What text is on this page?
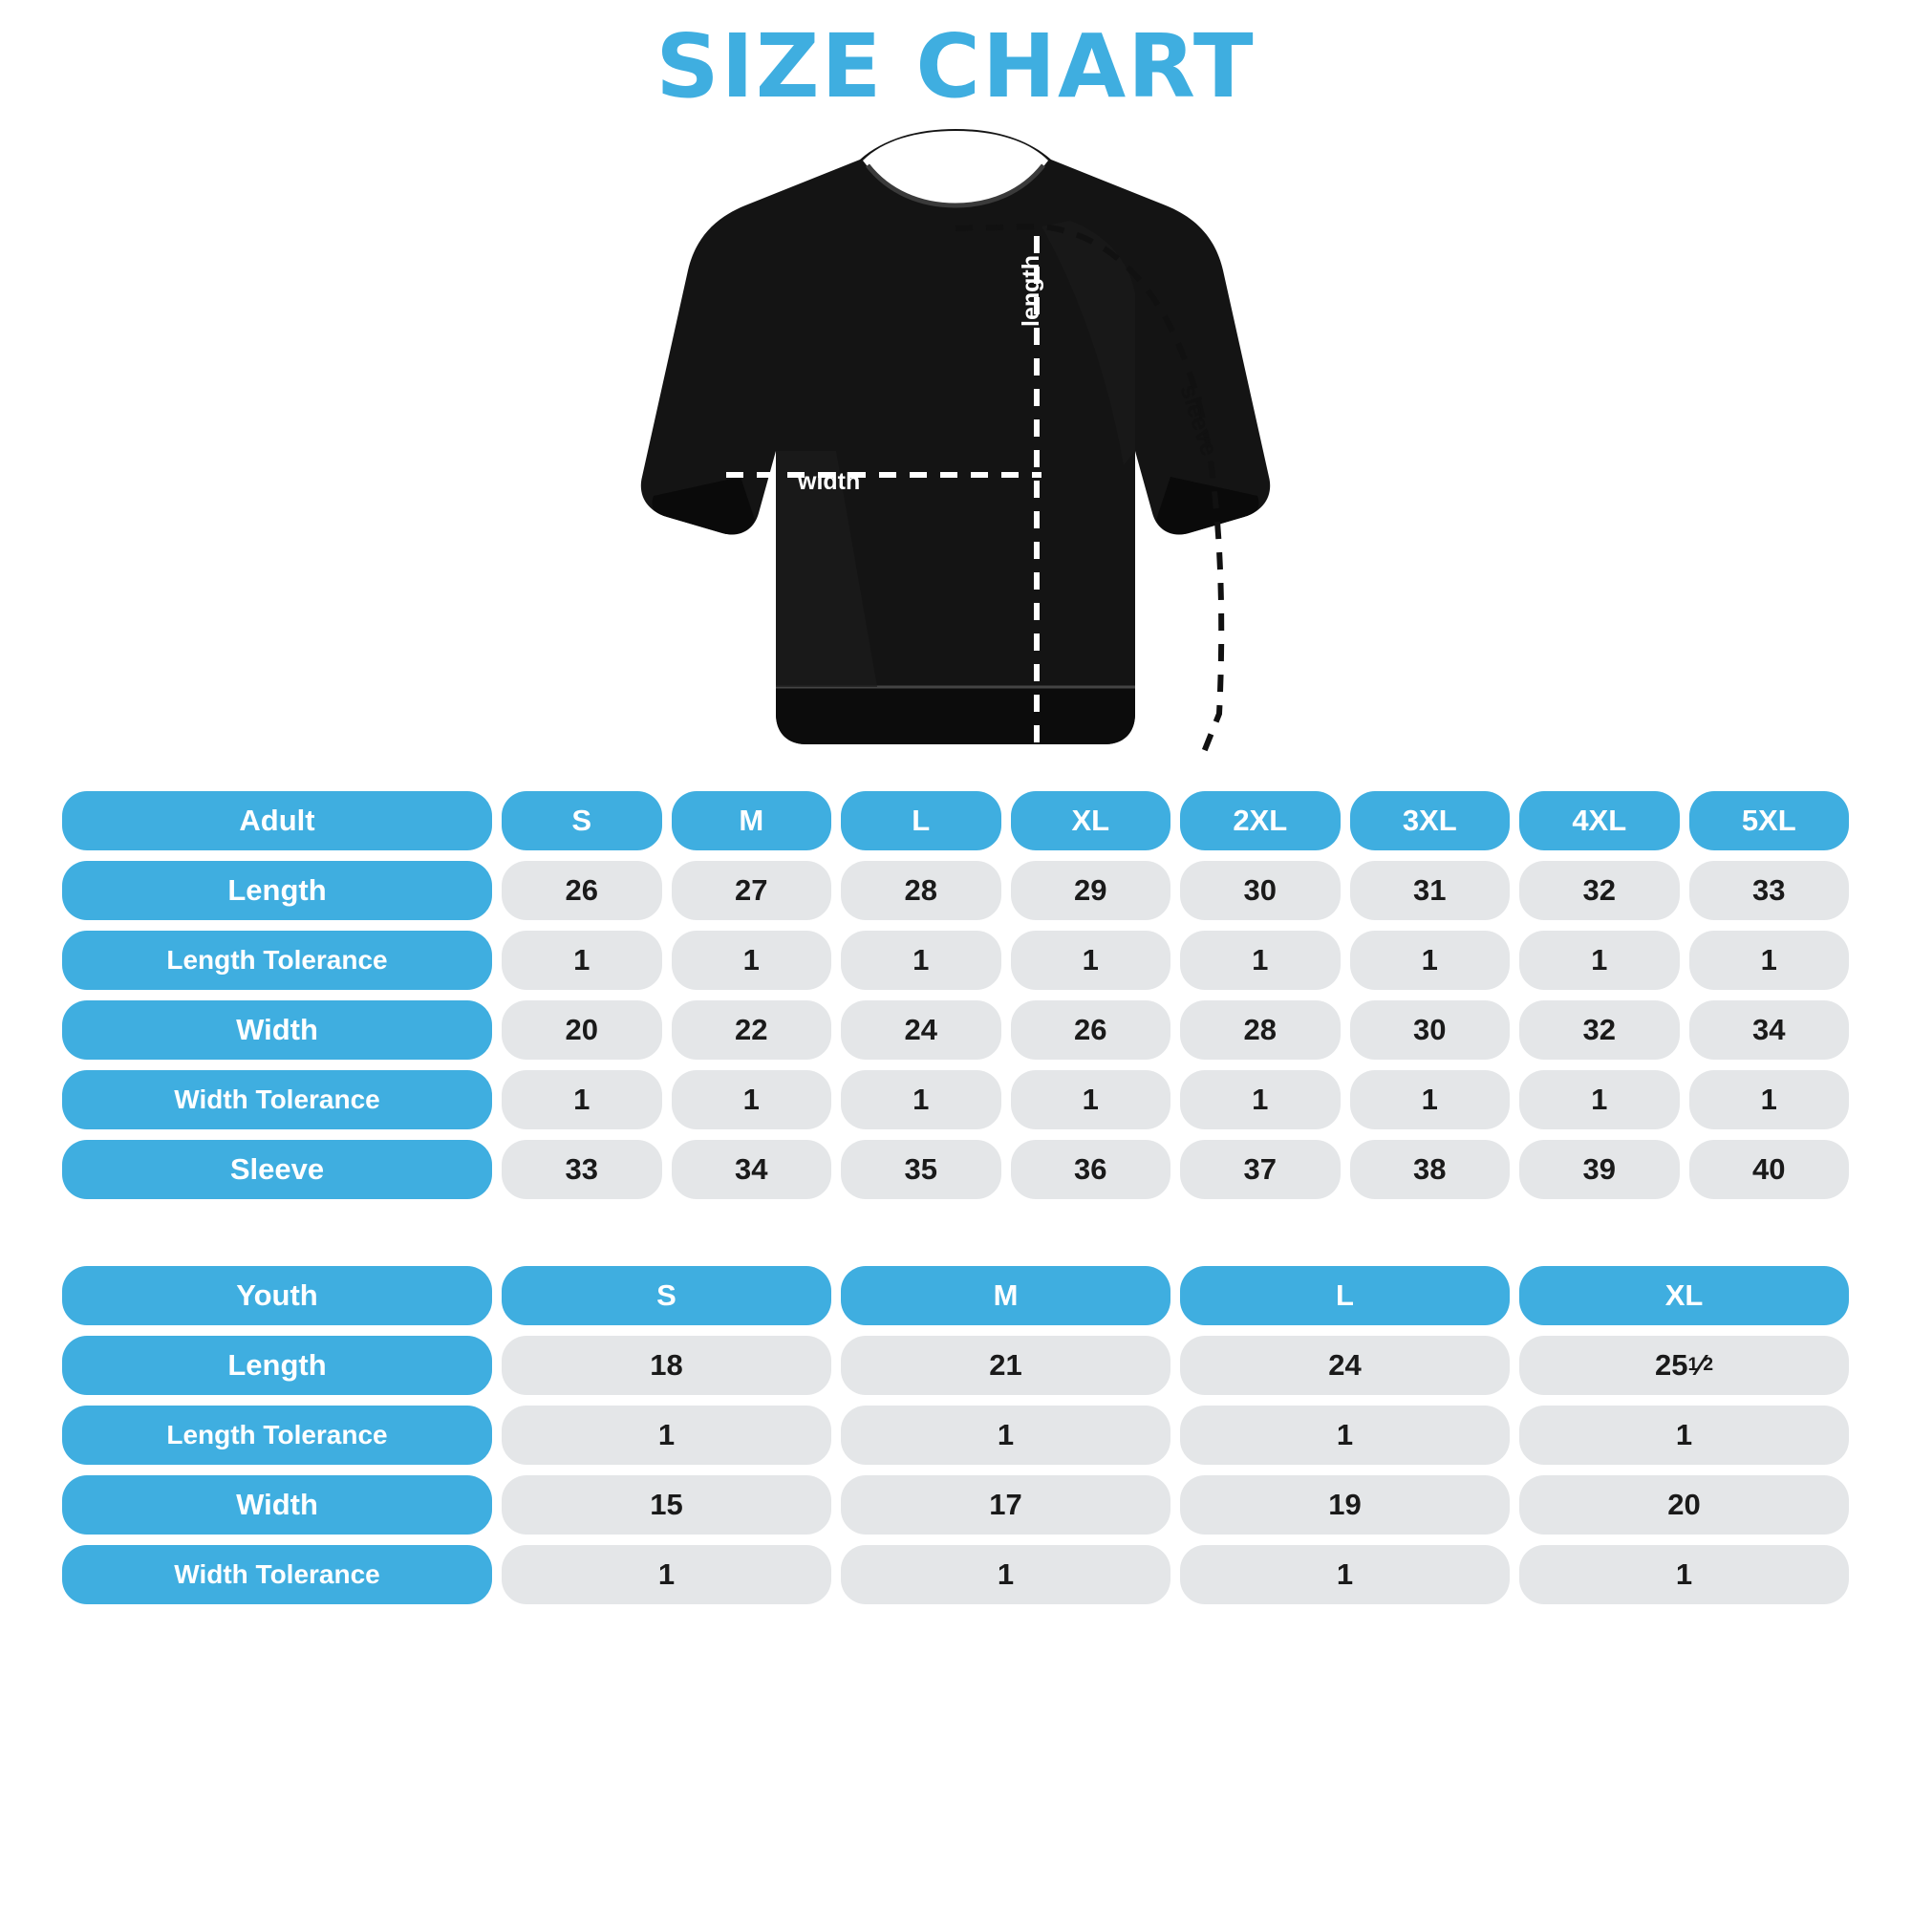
SIZE CHART
width
length
sleeve
Adult	S	M	L	XL	2XL	3XL	4XL	5XL

Length	26	27	28	29	30	31	32	33

Length Tolerance	1	1	1	1	1	1	1	1

Width	20	22	24	26	28	30	32	34

Width Tolerance	1	1	1	1	1	1	1	1

Sleeve	33	34	35	36	37	38	39	40
Youth	S	M	L	XL

Length	18	21	24	25 1 ⁄ 2

Length Tolerance	1	1	1	1

Width	15	17	19	20

Width Tolerance	1	1	1	1
